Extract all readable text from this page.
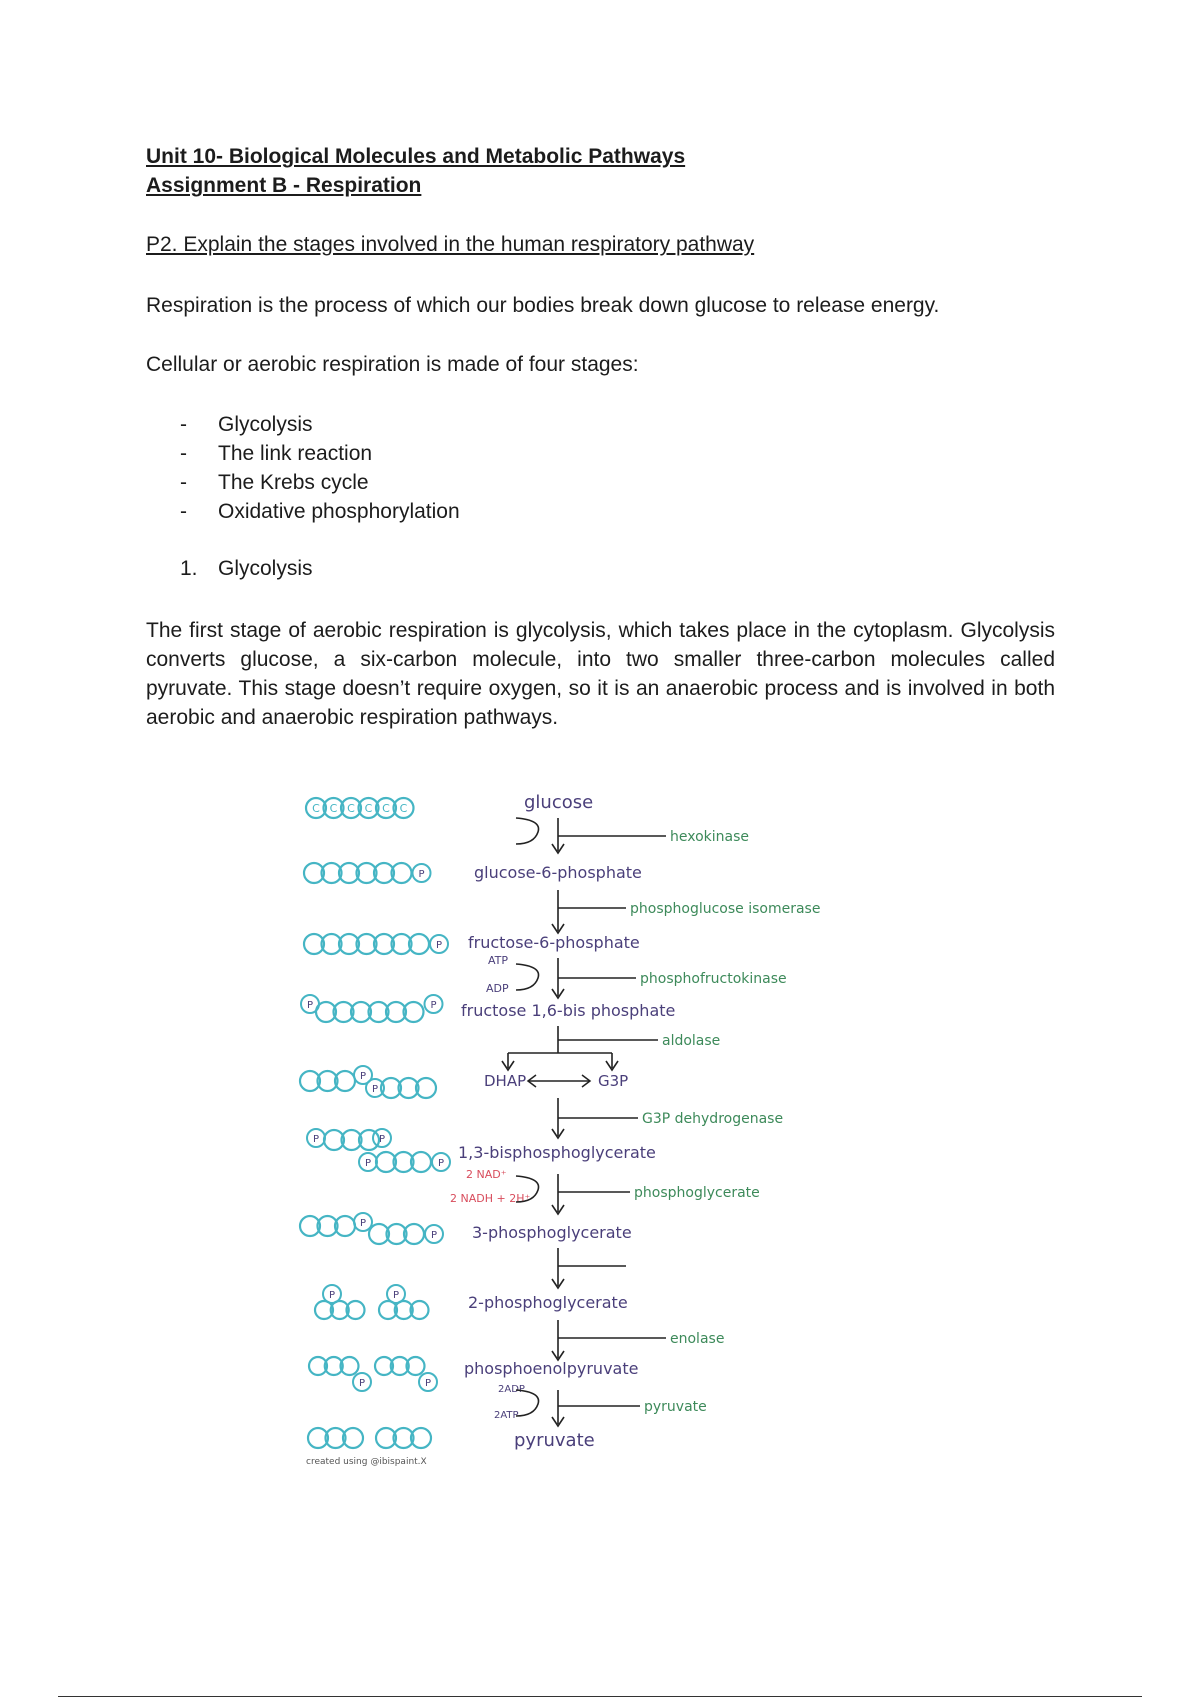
Unit 10- Biological Molecules and Metabolic Pathways
Assignment B - Respiration
P2. Explain the stages involved in the human respiratory pathway
Respiration is the process of which our bodies break down glucose to release energy.
Cellular or aerobic respiration is made of four stages:
- Glycolysis
- The link reaction
- The Krebs cycle
- Oxidative phosphorylation
1. Glycolysis
The first stage of aerobic respiration is glycolysis, which takes place in the cytoplasm. Glycolysis converts glucose, a six-carbon molecule, into two smaller three-carbon molecules called pyruvate. This stage doesn’t require oxygen, so it is an anaerobic process and is involved in both aerobic and anaerobic respiration pathways.
C C C C C C	glucose
hexokinase
P	glucose-6-phosphate
phosphoglucose isomerase
P fructose-6-phosphate
ATP
ADP
phosphofructokinase
P	P fructose 1,6-bis phosphate
aldolase
P
P	DHAP	G3P
G3P dehydrogenase
P	P
P	P
1,3-bisphosphoglycerate
2 NAD⁺
2 NADH + 2H⁺	phosphoglycerate
P
P 3-phosphoglycerate
P	P	2-phosphoglycerate
enolase
P	P
phosphoenolpyruvate
2ADP
2ATP
pyruvate
pyruvate
created using @ibispaint.X
